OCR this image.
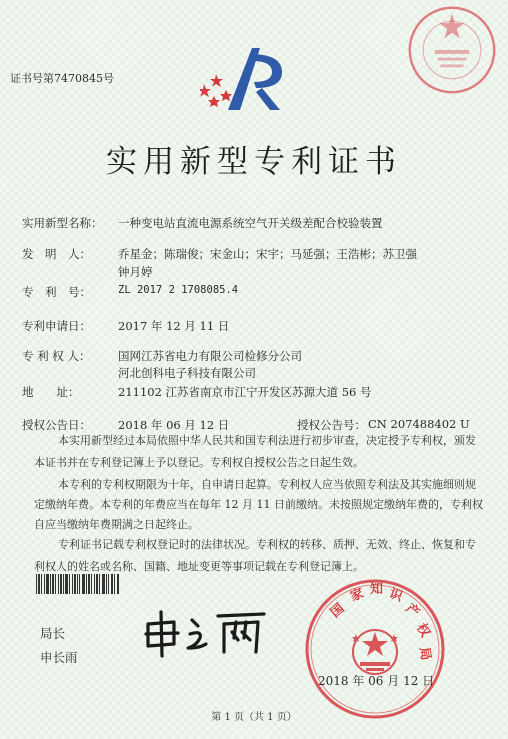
证书号第7470845号
实用新型专利证书
实用新型名称： 一种变电站直流电源系统空气开关级差配合校验装置
发　明　人： 乔星金；陈瑞俊；宋金山；宋宇；马延强；王浩彬；苏卫强
钟月婷
专　利　号：	ZL 2017 2 1708085.4
专利申请日： 2017 年 12 月 11 日
专 利 权 人： 国网江苏省电力有限公司检修分公司
河北创科电子科技有限公司
地　　址：	211102 江苏省南京市江宁开发区苏源大道 56 号
授权公告日： 2018 年 06 月 12 日	授权公告号： CN 207488402 U
本实用新型经过本局依照中华人民共和国专利法进行初步审查，决定授予专利权，颁发
本证书并在专利登记簿上予以登记。专利权自授权公告之日起生效。
本专利的专利权期限为十年，自申请日起算。专利权人应当依照专利法及其实施细则规
定缴纳年费。本专利的年费应当在每年 12 月 11 日前缴纳。未按照规定缴纳年费的，专利权
自应当缴纳年费期满之日起终止。
专利证书记载专利权登记时的法律状况。专利权的转移、质押、无效、终止、恢复和专
利权人的姓名或名称、国籍、地址变更等事项记载在专利登记簿上。
局长
申长雨
国
家 知 识
产
权
局
2018 年 06 月 12 日
第 1 页（共 1 页）
